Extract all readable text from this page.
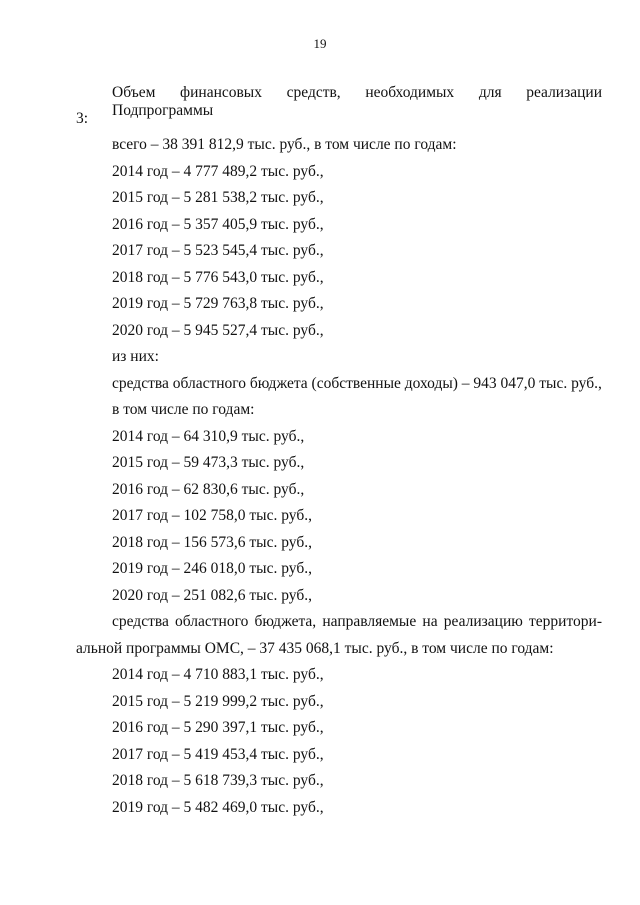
19
Объем финансовых средств, необходимых для реализации Подпрограммы
3:
всего – 38 391 812,9 тыс. руб., в том числе по годам:
2014 год – 4 777 489,2 тыс. руб.,
2015 год – 5 281 538,2 тыс. руб.,
2016 год – 5 357 405,9 тыс. руб.,
2017 год – 5 523 545,4 тыс. руб.,
2018 год – 5 776 543,0 тыс. руб.,
2019 год – 5 729 763,8 тыс. руб.,
2020 год – 5 945 527,4 тыс. руб.,
из них:
средства областного бюджета (собственные доходы) – 943 047,0 тыс. руб.,
в том числе по годам:
2014 год – 64 310,9 тыс. руб.,
2015 год – 59 473,3 тыс. руб.,
2016 год – 62 830,6 тыс. руб.,
2017 год – 102 758,0 тыс. руб.,
2018 год – 156 573,6 тыс. руб.,
2019 год – 246 018,0 тыс. руб.,
2020 год – 251 082,6 тыс. руб.,
средства областного бюджета, направляемые на реализацию территори-
альной программы ОМС, – 37 435 068,1 тыс. руб., в том числе по годам:
2014 год – 4 710 883,1 тыс. руб.,
2015 год – 5 219 999,2 тыс. руб.,
2016 год – 5 290 397,1 тыс. руб.,
2017 год – 5 419 453,4 тыс. руб.,
2018 год – 5 618 739,3 тыс. руб.,
2019 год – 5 482 469,0 тыс. руб.,
